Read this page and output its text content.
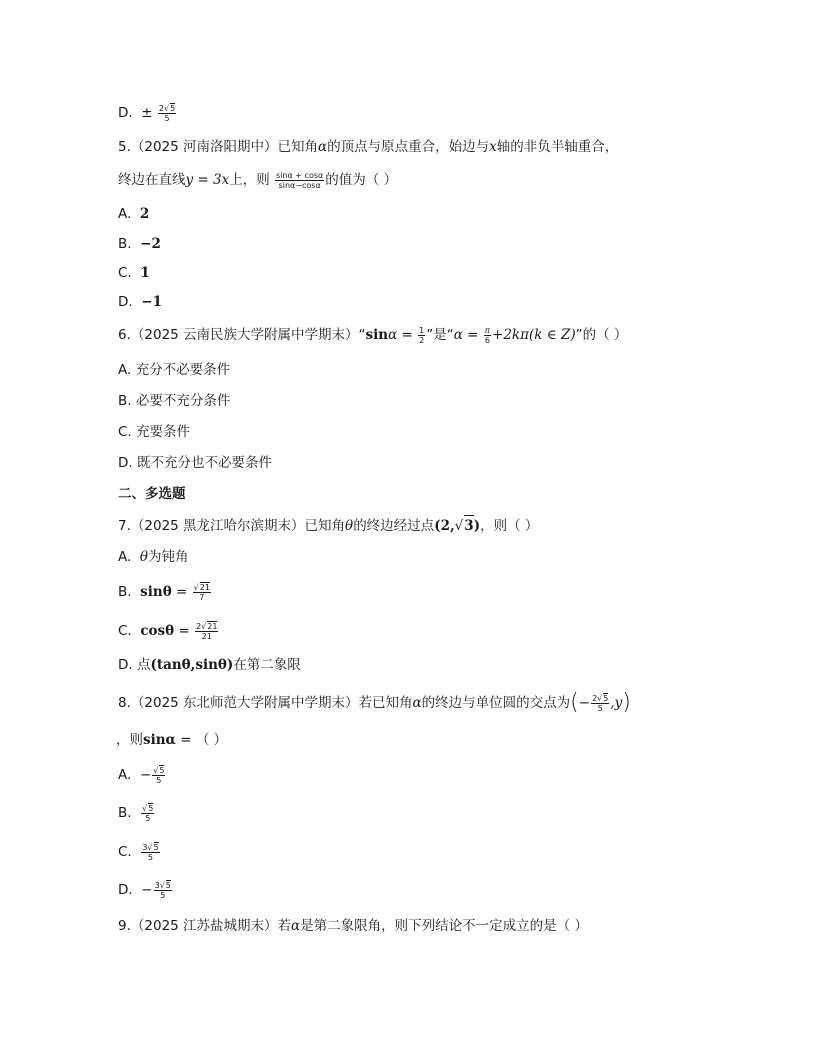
D. ± $\frac{2√5}{5}$
5.（2025 河南洛阳期中）已知角α的顶点与原点重合，始边与x轴的非负半轴重合，
终边在直线y = 3x上，则 $\frac{\sin\alpha + \cos\alpha}{\sin\alpha-\cos\alpha}$ 的值为（ ）
A. 2
B. −2
C. 1
D. −1
6.（2025 云南民族大学附属中学期末）“sinα = $\frac{1}{2}$ ”是“$\alpha = \frac{\pi}{6} +2k\pi(k$ ∈ Z)”的（ ）
A. 充分不必要条件
B. 必要不充分条件
C. 充要条件
D. 既不充分也不必要条件
二、多选题
7.（2025 黑龙江哈尔滨期末）已知角θ的终边经过点(2,√3)，则（ ）
A. θ为钝角
B. $\sin\theta = \frac{√21}{7}$
C. $\cos\theta = \frac{2√21}{21}$
D. 点(tanθ,sinθ)在第二象限
8.（2025 东北师范大学附属中学期末）若已知角α的终边与单位圆的交点为(− $\frac{2√5}{5} ,y$)
，则sinα = （ ）
A. − $\frac{√5}{5}$
B. $\frac{√5}{5}$
C. $\frac{3√5}{5}$
D. − $\frac{3√5}{5}$
9.（2025 江苏盐城期末）若α是第二象限角，则下列结论不一定成立的是（ ）
